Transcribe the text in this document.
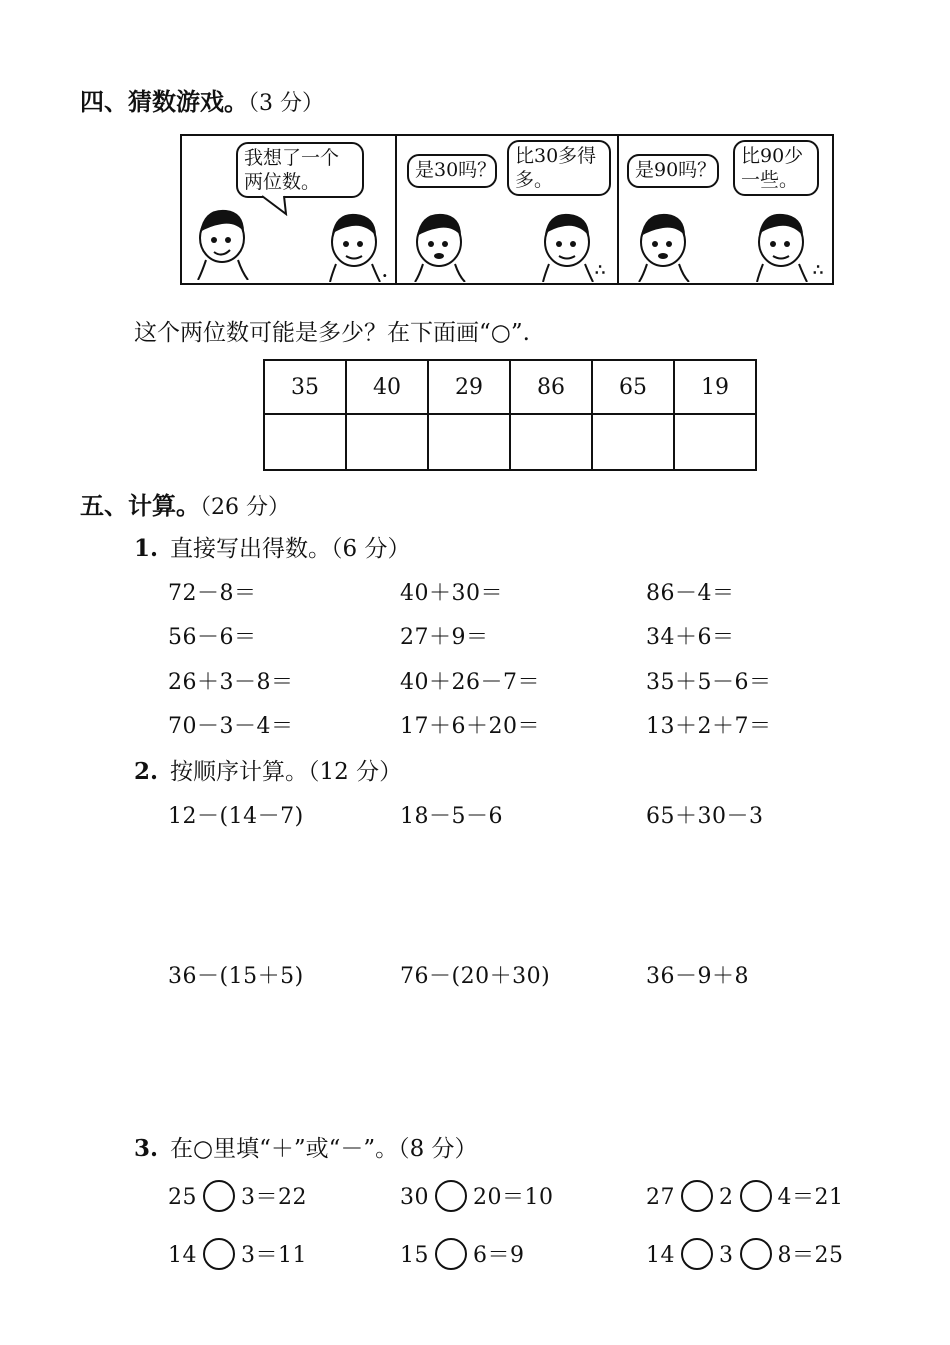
四、猜数游戏。（3 分）
我想了一个
两位数。
.
是30吗？
比30多得
多。
∴
是90吗？
比90少
一些。
∴
这个两位数可能是多少？在下面画“○”.
35	40	29	86	65	19

五、计算。（26 分）
1. 直接写出得数。（6 分）
72－8＝	40＋30＝	86－4＝
56－6＝	27＋9＝	34＋6＝
26＋3－8＝	40＋26－7＝	35＋5－6＝
70－3－4＝	17＋6＋20＝	13＋2＋7＝
2. 按顺序计算。（12 分）
12－(14－7)	18－5－6	65＋30－3
36－(15＋5)	76－(20＋30)	36－9＋8
3. 在○里填“＋”或“－”。（8 分）
25 3＝22	30 20＝10	27 2 4＝21
14 3＝11	15 6＝9	14 3 8＝25
